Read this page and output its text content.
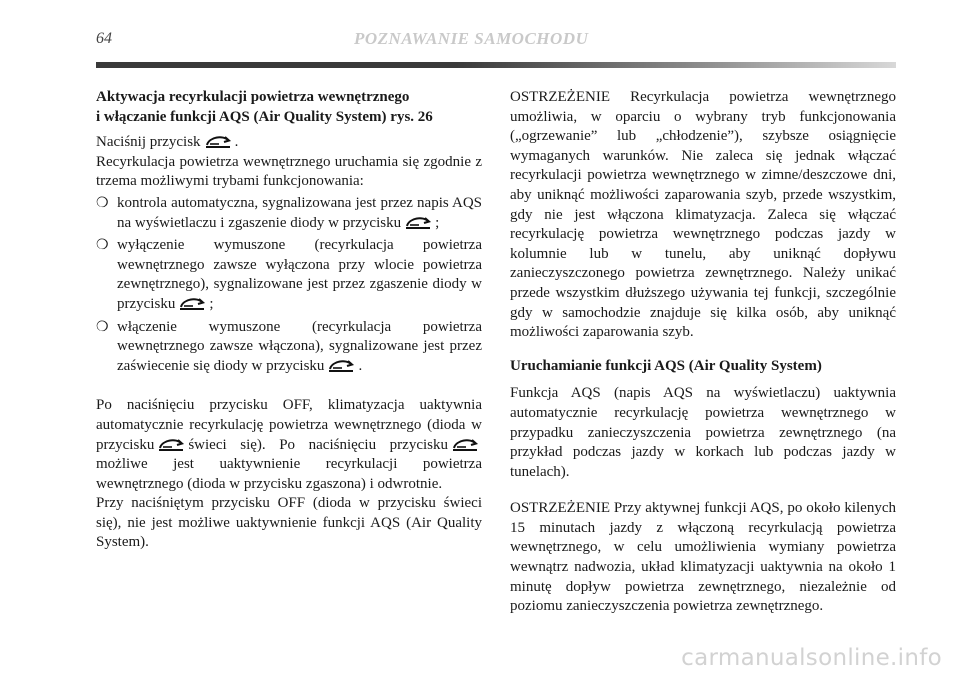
64	POZNAWANIE SAMOCHODU
Aktywacja recyrkulacji powietrza wewnętrznego
i włączanie funkcji AQS (Air Quality System) rys. 26

Naciśnij przycisk .

Recyrkulacja powietrza wewnętrznego uruchamia się zgodnie z trzema możliwymi trybami funkcjonowania:

❍ kontrola automatyczna, sygnalizowana jest przez napis AQS na wyświetlaczu i zgaszenie diody w przycisku ;
❍ wyłączenie wymuszone (recyrkulacja powietrza wewnętrznego zawsze wyłączona przy wlocie powietrza zewnętrznego), sygnalizowane jest przez zgaszenie diody w przycisku ;
❍ włączenie wymuszone (recyrkulacja powietrza wewnętrznego zawsze włączona), sygnalizowane jest przez zaświecenie się diody w przycisku .

Po naciśnięciu przycisku OFF, klimatyzacja uaktywnia automatycznie recyrkulację powietrza wewnętrznego (dioda w przycisku świeci się). Po naciśnięciu przycisku
możliwe jest uaktywnienie recyrkulacji powietrza wewnętrznego (dioda w przycisku zgaszona) i odwrotnie.

Przy naciśniętym przycisku OFF (dioda w przycisku świeci się), nie jest możliwe uaktywnienie funkcji AQS (Air Quality System).

OSTRZEŻENIE Recyrkulacja powietrza wewnętrznego umożliwia, w oparciu o wybrany tryb funkcjonowania („ogrzewanie” lub „chłodzenie”), szybsze osiągnięcie wymaganych warunków. Nie zaleca się jednak włączać recyrkulacji powietrza wewnętrznego w zimne/deszczowe dni, aby uniknąć możliwości zaparowania szyb, przede wszystkim, gdy nie jest włączona klimatyzacja. Zaleca się włączać recyrkulację powietrza wewnętrznego podczas jazdy w kolumnie lub w tunelu, aby uniknąć dopływu zanieczyszczonego powietrza zewnętrznego. Należy unikać przede wszystkim dłuższego używania tej funkcji, szczególnie gdy w samochodzie znajduje się kilka osób, aby uniknąć możliwości zaparowania szyb.

Uruchamianie funkcji AQS (Air Quality System)

Funkcja AQS (napis AQS na wyświetlaczu) uaktywnia automatycznie recyrkulację powietrza wewnętrznego w przypadku zanieczyszczenia powietrza zewnętrznego (na przykład podczas jazdy w korkach lub podczas jazdy w tunelach).

OSTRZEŻENIE Przy aktywnej funkcji AQS, po około kilenych 15 minutach jazdy z włączoną recyrkulacją powietrza wewnętrznego, w celu umożliwienia wymiany powietrza wewnątrz nadwozia, układ klimatyzacji uaktywnia na około 1 minutę dopływ powietrza zewnętrznego, niezależnie od poziomu zanieczyszczenia powietrza zewnętrznego.

carmanualsonline.info
